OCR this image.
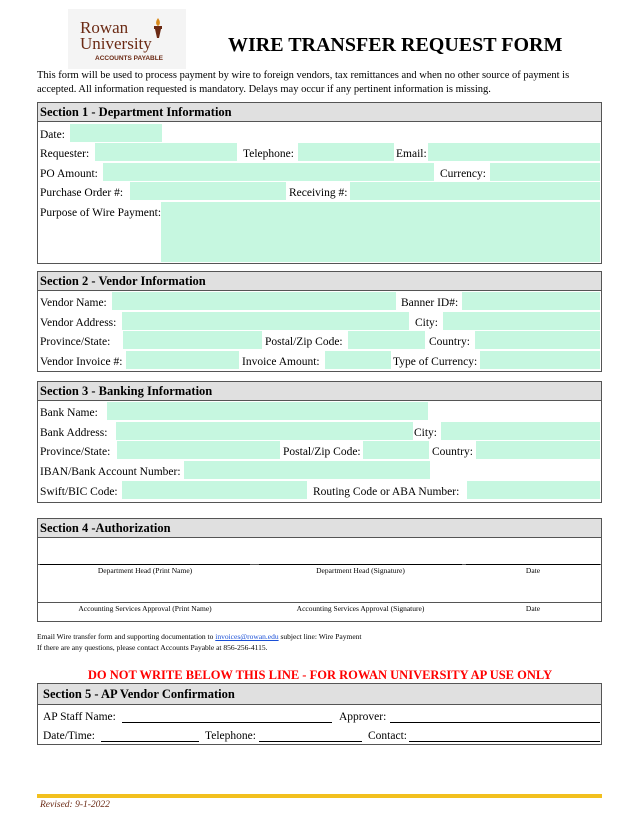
Rowan
University
ACCOUNTS PAYABLE
WIRE TRANSFER REQUEST FORM
This form will be used to process payment by wire to foreign vendors, tax remittances and when no other source of payment is accepted. All information requested is mandatory. Delays may occur if any pertinent information is missing.
Section 1 - Department Information
Date:
Requester:	Telephone:	Email:
PO Amount:	Currency:
Purchase Order #:	Receiving #:
Purpose of Wire Payment:
Section 2 - Vendor Information
Vendor Name:	Banner ID#:
Vendor Address:	City:
Province/State:	Postal/Zip Code:	Country:
Vendor Invoice #:	Invoice Amount:	Type of Currency:
Section 3 - Banking Information
Bank Name:
Bank Address:	City:
Province/State:	Postal/Zip Code:	Country:
IBAN/Bank Account Number:
Swift/BIC Code:	Routing Code or ABA Number:
Section 4 -Authorization
Department Head (Print Name)	Department Head (Signature)	Date
Accounting Services Approval (Print Name)	Accounting Services Approval (Signature)	Date
Email Wire transfer form and supporting documentation to invoices@rowan.edu subject line: Wire Payment
If there are any questions, please contact Accounts Payable at 856-256-4115.
DO NOT WRITE BELOW THIS LINE - FOR ROWAN UNIVERSITY AP USE ONLY
Section 5 - AP Vendor Confirmation
AP Staff Name:	Approver:
Date/Time:	Telephone:	Contact:
Revised: 9-1-2022
